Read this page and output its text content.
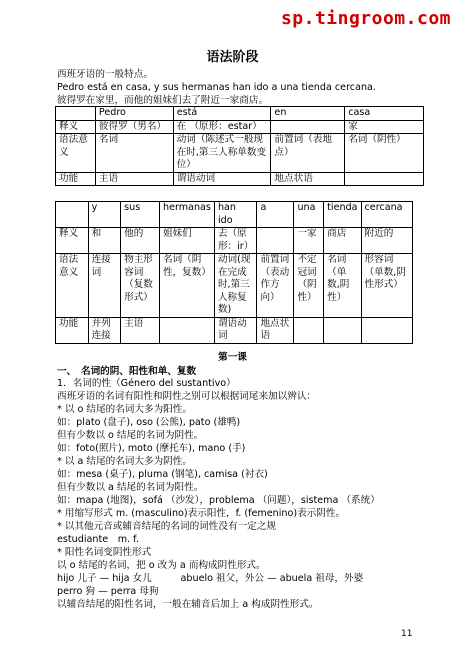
sp.tingroom.com
语法阶段
西班牙语的一般特点。
Pedro está en casa, y sus hermanas han ido a una tienda cercana.
彼得罗在家里，而他的姐妹们去了附近一家商店。
	Pedro	está	en	casa
释义	彼得罗（男名）	在 （原形：estar）		家
语法意义	名词	动词（陈述式一般现在时,第三人称单数变位）	前置词（表地点）	名词（阴性）
功能	主语	谓语动词	地点状语	
	y	sus	hermanas	han ido	a	una	tienda	cercana
释义	和	他的	姐妹们	去（原形：ir）		一家	商店	附近的
语法意义	连接词	物主形容词（复数形式）	名词（阴性，复数）	动词(现在完成时,第三人称复数)	前置词（表动作方向）	不定冠词（阴性）	名词（单数,阴性）	形容词（单数,阴性形式）
功能	并列连接	主语		谓语动词	地点状语			
第一课
一、　名词的阴、阳性和单、复数
1．名词的性（Género del sustantivo）
西班牙语的名词有阳性和阴性之别可以根据词尾来加以辨认：
* 以 o 结尾的名词大多为阳性。
如：plato (盘子), oso (公熊), pato (雄鸭)
但有少数以 o 结尾的名词为阴性。
如：foto(照片), moto (摩托车), mano (手)
* 以 a 结尾的名词大多为阴性。
如：mesa (桌子), pluma (钢笔), camisa (衬衣)
但有少数以 a 结尾的名词为阳性。
如：mapa (地图)，sofá （沙发），problema （问题），sistema （系统）
* 用缩写形式 m. (masculino)表示阳性，f. (femenino)表示阴性。
* 以其他元音或辅音结尾的名词的词性没有一定之规
estudiante　m. f.
* 阳性名词变阴性形式
以 o 结尾的名词，把 o 改为 a 而构成阴性形式。
hijo 儿子 — hija 女儿　　　abuelo 祖父，外公 — abuela 祖母，外婆
perro 狗 — perra 母狗
以辅音结尾的阳性名词，一般在辅音后加上 a 构成阴性形式。
11
